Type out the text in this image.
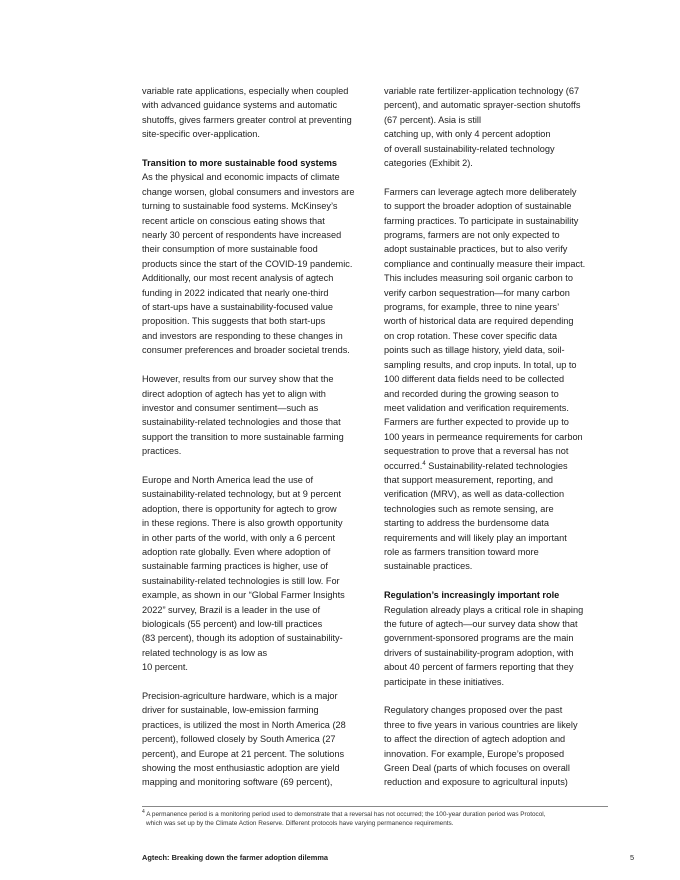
variable rate applications, especially when coupled
with advanced guidance systems and automatic
shutoffs, gives farmers greater control at preventing
site-specific over-application.
Transition to more sustainable food systems
As the physical and economic impacts of climate
change worsen, global consumers and investors are
turning to sustainable food systems. McKinsey’s
recent article on conscious eating shows that
nearly 30 percent of respondents have increased
their consumption of more sustainable food
products since the start of the COVID-19 pandemic.
Additionally, our most recent analysis of agtech
funding in 2022 indicated that nearly one-third
of start-ups have a sustainability-focused value
proposition. This suggests that both start-ups
and investors are responding to these changes in
consumer preferences and broader societal trends.
However, results from our survey show that the
direct adoption of agtech has yet to align with
investor and consumer sentiment—such as
sustainability-related technologies and those that
support the transition to more sustainable farming
practices.
Europe and North America lead the use of
sustainability-related technology, but at 9 percent
adoption, there is opportunity for agtech to grow
in these regions. There is also growth opportunity
in other parts of the world, with only a 6 percent
adoption rate globally. Even where adoption of
sustainable farming practices is higher, use of
sustainability-related technologies is still low. For
example, as shown in our “Global Farmer Insights
2022” survey, Brazil is a leader in the use of
biologicals (55 percent) and low-till practices
(83 percent), though its adoption of sustainability-
related technology is as low as
10 percent.
Precision-agriculture hardware, which is a major
driver for sustainable, low-emission farming
practices, is utilized the most in North America (28
percent), followed closely by South America (27
percent), and Europe at 21 percent. The solutions
showing the most enthusiastic adoption are yield
mapping and monitoring software (69 percent),
variable rate fertilizer-application technology (67
percent), and automatic sprayer-section shutoffs
(67 percent). Asia is still
catching up, with only 4 percent adoption
of overall sustainability-related technology
categories (Exhibit 2).
Farmers can leverage agtech more deliberately
to support the broader adoption of sustainable
farming practices. To participate in sustainability
programs, farmers are not only expected to
adopt sustainable practices, but to also verify
compliance and continually measure their impact.
This includes measuring soil organic carbon to
verify carbon sequestration—for many carbon
programs, for example, three to nine years’
worth of historical data are required depending
on crop rotation. These cover specific data
points such as tillage history, yield data, soil-
sampling results, and crop inputs. In total, up to
100 different data fields need to be collected
and recorded during the growing season to
meet validation and verification requirements.
Farmers are further expected to provide up to
100 years in permeance requirements for carbon
sequestration to prove that a reversal has not
occurred.$^4$ Sustainability-related technologies
that support measurement, reporting, and
verification (MRV), as well as data-collection
technologies such as remote sensing, are
starting to address the burdensome data
requirements and will likely play an important
role as farmers transition toward more
sustainable practices.
Regulation’s increasingly important role
Regulation already plays a critical role in shaping
the future of agtech—our survey data show that
government-sponsored programs are the main
drivers of sustainability-program adoption, with
about 40 percent of farmers reporting that they
participate in these initiatives.
Regulatory changes proposed over the past
three to five years in various countries are likely
to affect the direction of agtech adoption and
innovation. For example, Europe’s proposed
Green Deal (parts of which focuses on overall
reduction and exposure to agricultural inputs)
$^4$ A permanence period is a monitoring period used to demonstrate that a reversal has not occurred; the 100-year duration period was Protocol,
which was set up by the Climate Action Reserve. Different protocols have varying permanence requirements.
Agtech: Breaking down the farmer adoption dilemma	5
